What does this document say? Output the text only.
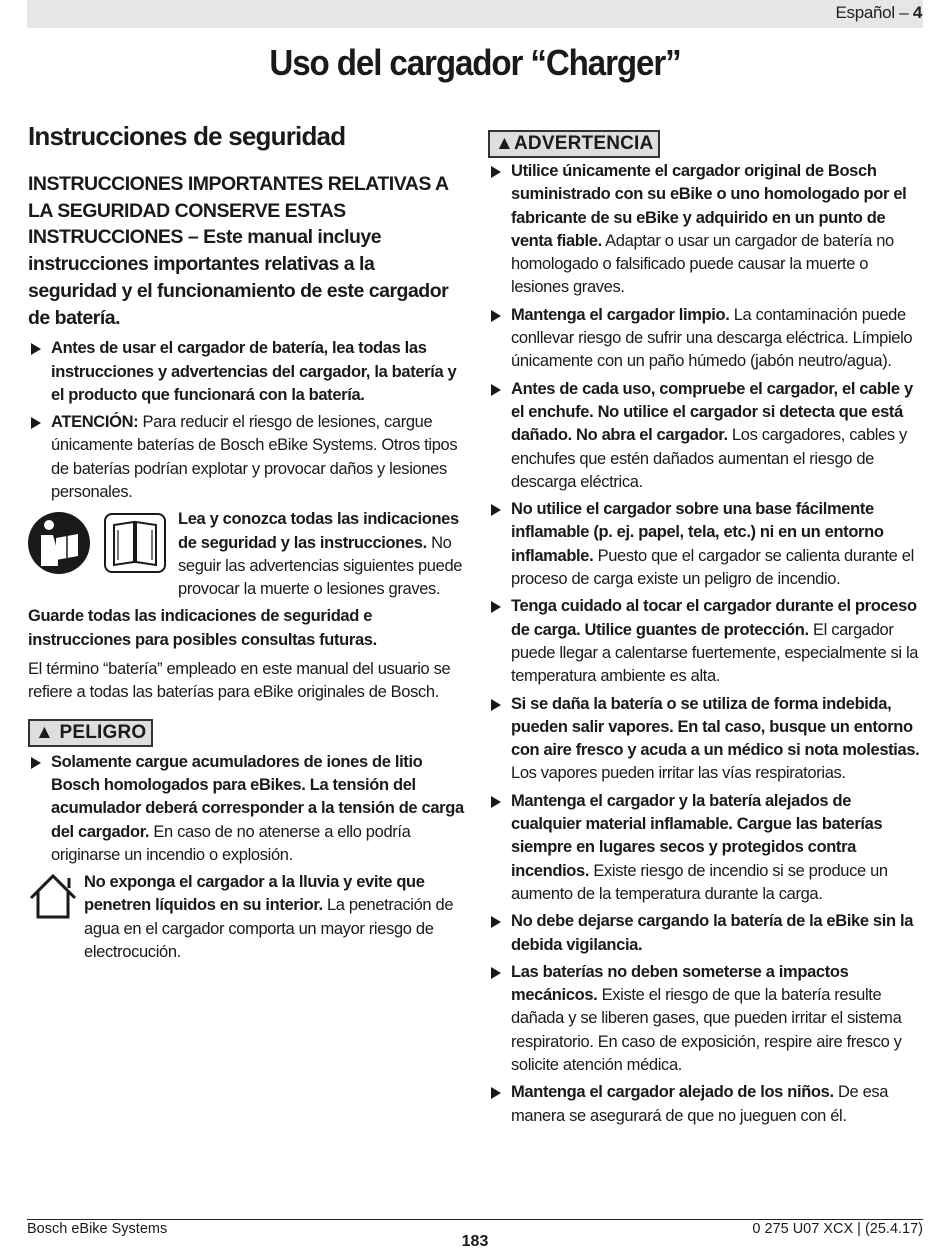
Español – 4
Uso del cargador “Charger”
Instrucciones de seguridad
INSTRUCCIONES IMPORTANTES RELATIVAS A LA SEGURIDAD CONSERVE ESTAS INSTRUCCIONES – Este manual incluye instrucciones importantes relativas a la seguridad y el funcionamiento de este cargador de batería.
Antes de usar el cargador de batería, lea todas las instrucciones y advertencias del cargador, la batería y el producto que funcionará con la batería.
ATENCIÓN: Para reducir el riesgo de lesiones, cargue únicamente baterías de Bosch eBike Systems. Otros tipos de baterías podrían explotar y provocar daños y lesiones personales.
Lea y conozca todas las indicaciones de seguridad y las instrucciones. No seguir las advertencias siguientes puede provocar la muerte o lesiones graves.
Guarde todas las indicaciones de seguridad e instrucciones para posibles consultas futuras.
El término “batería” empleado en este manual del usuario se refiere a todas las baterías para eBike originales de Bosch.
▲ PELIGRO
Solamente cargue acumuladores de iones de litio Bosch homologados para eBikes. La tensión del acumulador deberá corresponder a la tensión de carga del cargador. En caso de no atenerse a ello podría originarse un incendio o explosión.
No exponga el cargador a la lluvia y evite que penetren líquidos en su interior. La penetración de agua en el cargador comporta un mayor riesgo de electrocución.
▲ADVERTENCIA
Utilice únicamente el cargador original de Bosch suministrado con su eBike o uno homologado por el fabricante de su eBike y adquirido en un punto de venta fiable. Adaptar o usar un cargador de batería no homologado o falsificado puede causar la muerte o lesiones graves.
Mantenga el cargador limpio. La contaminación puede conllevar riesgo de sufrir una descarga eléctrica. Límpielo únicamente con un paño húmedo (jabón neutro/agua).
Antes de cada uso, compruebe el cargador, el cable y el enchufe. No utilice el cargador si detecta que está dañado. No abra el cargador. Los cargadores, cables y enchufes que estén dañados aumentan el riesgo de descarga eléctrica.
No utilice el cargador sobre una base fácilmente inflamable (p. ej. papel, tela, etc.) ni en un entorno inflamable. Puesto que el cargador se calienta durante el proceso de carga existe un peligro de incendio.
Tenga cuidado al tocar el cargador durante el proceso de carga. Utilice guantes de protección. El cargador puede llegar a calentarse fuertemente, especialmente si la temperatura ambiente es alta.
Si se daña la batería o se utiliza de forma indebida, pueden salir vapores. En tal caso, busque un entorno con aire fresco y acuda a un médico si nota molestias. Los vapores pueden irritar las vías respiratorias.
Mantenga el cargador y la batería alejados de cualquier material inflamable. Cargue las baterías siempre en lugares secos y protegidos contra incendios. Existe riesgo de incendio si se produce un aumento de la temperatura durante la carga.
No debe dejarse cargando la batería de la eBike sin la debida vigilancia.
Las baterías no deben someterse a impactos mecánicos. Existe el riesgo de que la batería resulte dañada y se liberen gases, que pueden irritar el sistema respiratorio. En caso de exposición, respire aire fresco y solicite atención médica.
Mantenga el cargador alejado de los niños. De esa manera se asegurará de que no jueguen con él.
Bosch eBike Systems	0 275 U07 XCX | (25.4.17)
183
